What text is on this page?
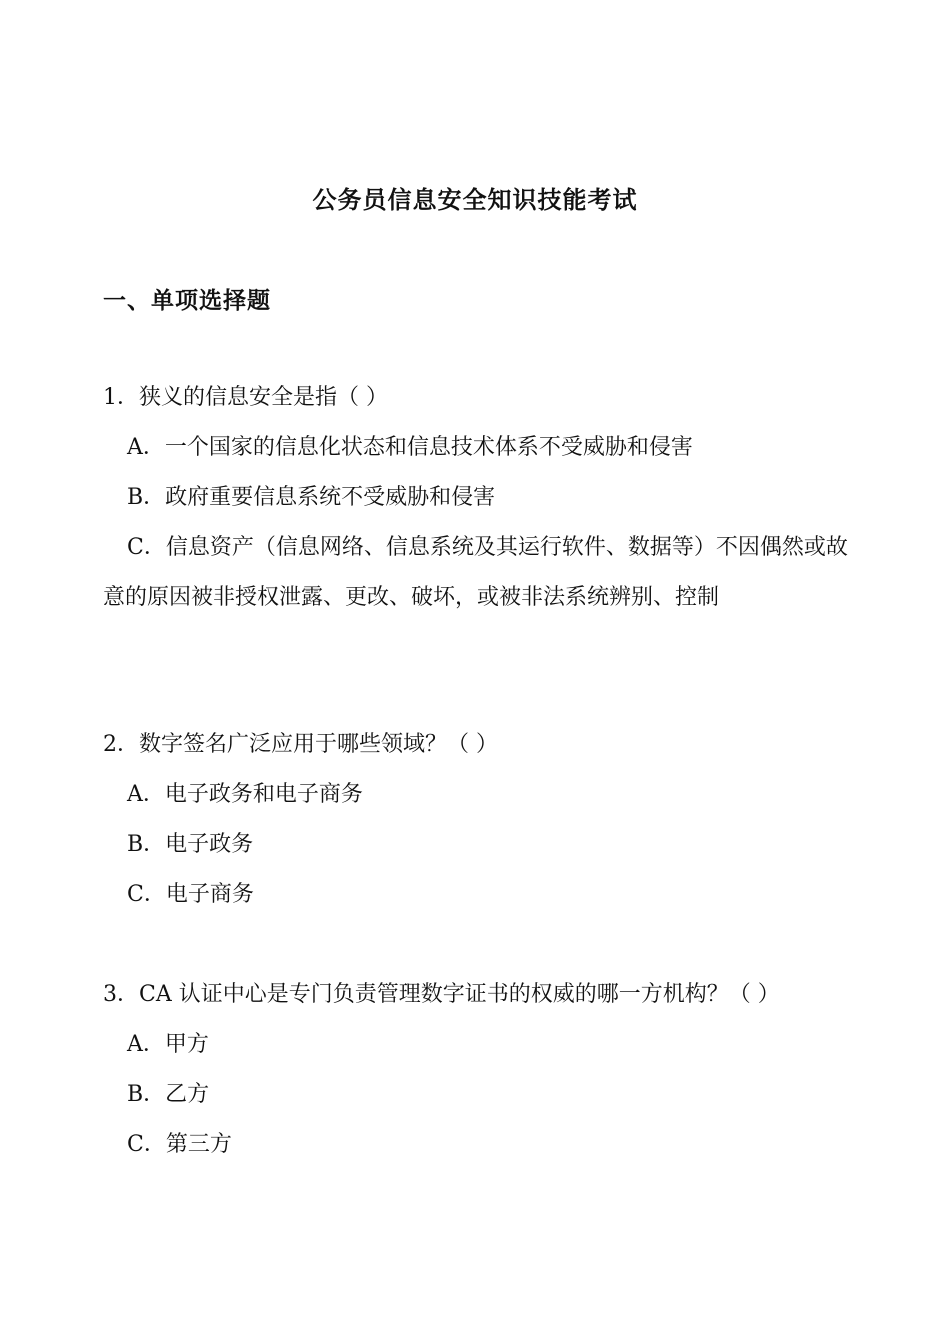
公务员信息安全知识技能考试
一、单项选择题
1．狭义的信息安全是指（ ）
A．一个国家的信息化状态和信息技术体系不受威胁和侵害
B．政府重要信息系统不受威胁和侵害
C．信息资产（信息网络、信息系统及其运行软件、数据等）不因偶然或故意的原因被非授权泄露、更改、破坏，或被非法系统辨别、控制
2．数字签名广泛应用于哪些领域？（ ）
A．电子政务和电子商务
B．电子政务
C．电子商务
3．CA 认证中心是专门负责管理数字证书的权威的哪一方机构？（ ）
A．甲方
B．乙方
C．第三方
